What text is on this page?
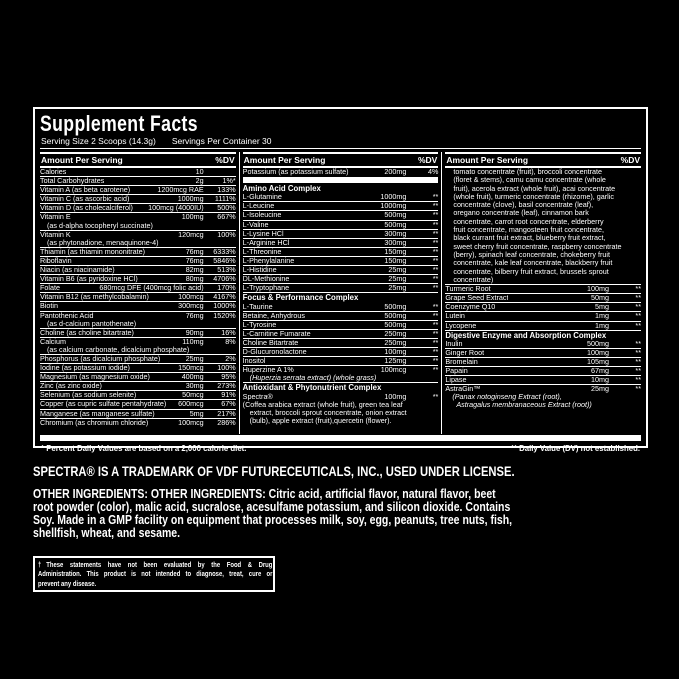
Supplement Facts
Serving Size 2 Scoops (14.3g) Servings Per Container 30
Amount Per Serving	%DV
Calories	10
Total Carbohydrates	2g	1%*
Vitamin A (as beta carotene)	1200mcg RAE	133%
Vitamin C (as ascorbic acid)	1000mg	1111%
Vitamin D (as cholecalciferol)	100mcg (4000IU)	500%
Vitamin E	100mg	667%
(as d-alpha tocopheryl succinate)
Vitamin K	120mcg	100%
(as phytonadione, menaquinone-4)
Thiamin (as thiamin mononitrate)	76mg	6333%
Riboflavin	76mg	5846%
Niacin (as niacinamide)	82mg	513%
Vitamin B6 (as pyridoxine HCl)	80mg	4706%
Folate	680mcg DFE (400mcg folic acid)	170%
Vitamin B12 (as methylcobalamin)	100mcg	4167%
Biotin	300mcg	1000%
Pantothenic Acid	76mg	1520%
(as d-calcium pantothenate)
Choline (as choline bitartrate)	90mg	16%
Calcium	110mg	8%
(as calcium carbonate, dicalcium phosphate)
Phosphorus (as dicalcium phosphate)	25mg	2%
Iodine (as potassium iodide)	150mcg	100%
Magnesium (as magnesium oxide)	400mg	95%
Zinc (as zinc oxide)	30mg	273%
Selenium (as sodium selenite)	50mcg	91%
Copper (as cupric sulfate pentahydrate)	600mcg	67%
Manganese (as manganese sulfate)	5mg	217%
Chromium (as chromium chloride)	100mcg	286%
Amount Per Serving	%DV
Potassium (as potassium sulfate)	200mg	4%
Amino Acid Complex
L-Glutamine	1000mg	**
L-Leucine	1000mg	**
L-Isoleucine	500mg	**
L-Valine	500mg	**
L-Lysine HCl	300mg	**
L-Arginine HCl	300mg	**
L-Threonine	150mg	**
L-Phenylalanine	150mg	**
L-Histidine	25mg	**
DL-Methionine	25mg	**
L-Tryptophane	25mg	**
Focus & Performance Complex
L-Taurine	500mg	**
Betaine, Anhydrous	500mg	**
L-Tyrosine	500mg	**
L-Carnitine Fumarate	250mg	**
Choline Bitartrate	250mg	**
D-Glucuronolactone	100mg	**
Inositol	125mg	**
Huperzine A 1%	100mcg	**
(Huperzia serrata extract) (whole grass)
Antioxidant & Phytonutrient Complex
Spectra®	100mg	**
(Coffea arabica extract (whole fruit), green tea leaf
extract, broccoli sprout concentrate, onion extract
(bulb), apple extract (fruit),quercetin (flower).
Amount Per Serving	%DV
tomato concentrate (fruit), broccoli concentrate
(floret & stems), camu camu concentrate (whole
fruit), acerola extract (whole fruit), acai concentrate
(whole fruit), turmeric concentrate (rhizome), garlic
concentrate (clove), basil concentrate (leaf),
oregano concentrate (leaf), cinnamon bark
concentrate, carrot root concentrate, elderberry
fruit concentrate, mangosteen fruit concentrate,
black currant fruit extract, blueberry fruit extract,
sweet cherry fruit concentrate, raspberry concentrate
(berry), spinach leaf concentrate, chokeberry fruit
concentrate, kale leaf concentrate, blackberry fruit
concentrate, bilberry fruit extract, brussels sprout
concentrate)
Turmeric Root	100mg	**
Grape Seed Extract	50mg	**
Coenzyme Q10	5mg	**
Lutein	1mg	**
Lycopene	1mg	**
Digestive Enzyme and Absorption Complex
Inulin	500mg	**
Ginger Root	100mg	**
Bromelain	105mg	**
Papain	67mg	**
Lipase	10mg	**
AstraGin™	25mg	**
(Panax notoginseng Extract (root),
Astragalus membranaceous Extract (root))
* Percent Daily Values are based on a 2,000 calorie diet.	** Daily Value (DV) not established.
SPECTRA® IS A TRADEMARK OF VDF FUTURECEUTICALS, INC., USED UNDER LICENSE.
OTHER INGREDIENTS: OTHER INGREDIENTS: Citric acid, artificial flavor, natural flavor, beet
root powder (color), malic acid, sucralose, acesulfame potassium, and silicon dioxide. Contains
Soy. Made in a GMP facility on equipment that processes milk, soy, egg, peanuts, tree nuts, fish,
shellfish, wheat, and sesame.
†These statements have not been evaluated by the Food & Drug
Administration. This product is not intended to diagnose, treat, cure or
prevent any disease.
